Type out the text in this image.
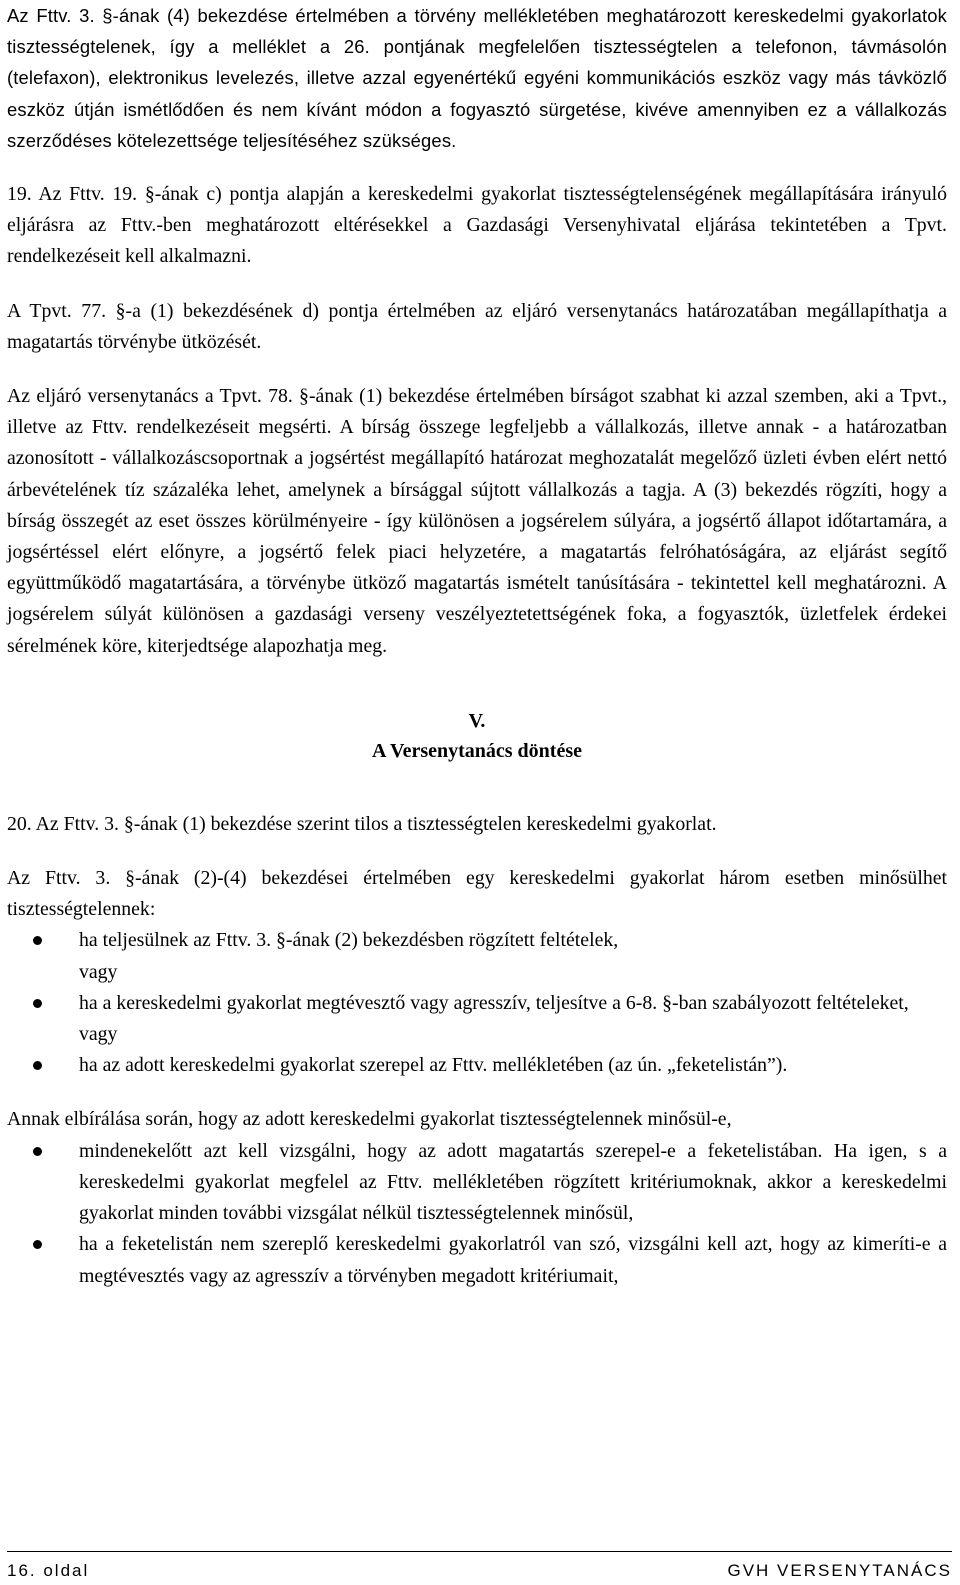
Az Fttv. 3. §-ának (4) bekezdése értelmében a törvény mellékletében meghatározott kereskedelmi gyakorlatok tisztességtelenek, így a melléklet a 26. pontjának megfelelően tisztességtelen a telefonon, távmásolón (telefaxon), elektronikus levelezés, illetve azzal egyenértékű egyéni kommunikációs eszköz vagy más távközlő eszköz útján ismétlődően és nem kívánt módon a fogyasztó sürgetése, kivéve amennyiben ez a vállalkozás szerződéses kötelezettsége teljesítéséhez szükséges.

19. Az Fttv. 19. §-ának c) pontja alapján a kereskedelmi gyakorlat tisztességtelenségének megállapítására irányuló eljárásra az Fttv.-ben meghatározott eltérésekkel a Gazdasági Versenyhivatal eljárása tekintetében a Tpvt. rendelkezéseit kell alkalmazni.

A Tpvt. 77. §-a (1) bekezdésének d) pontja értelmében az eljáró versenytanács határozatában megállapíthatja a magatartás törvénybe ütközését.

Az eljáró versenytanács a Tpvt. 78. §-ának (1) bekezdése értelmében bírságot szabhat ki azzal szemben, aki a Tpvt., illetve az Fttv. rendelkezéseit megsérti. A bírság összege legfeljebb a vállalkozás, illetve annak - a határozatban azonosított - vállalkozáscsoportnak a jogsértést megállapító határozat meghozatalát megelőző üzleti évben elért nettó árbevételének tíz százaléka lehet, amelynek a bírsággal sújtott vállalkozás a tagja. A (3) bekezdés rögzíti, hogy a bírság összegét az eset összes körülményeire - így különösen a jogsérelem súlyára, a jogsértő állapot időtartamára, a jogsértéssel elért előnyre, a jogsértő felek piaci helyzetére, a magatartás felróhatóságára, az eljárást segítő együttműködő magatartására, a törvénybe ütköző magatartás ismételt tanúsítására - tekintettel kell meghatározni. A jogsérelem súlyát különösen a gazdasági verseny veszélyeztetettségének foka, a fogyasztók, üzletfelek érdekei sérelmének köre, kiterjedtsége alapozhatja meg.

V.
A Versenytanács döntése

20. Az Fttv. 3. §-ának (1) bekezdése szerint tilos a tisztességtelen kereskedelmi gyakorlat.

Az Fttv. 3. §-ának (2)-(4) bekezdései értelmében egy kereskedelmi gyakorlat három esetben minősülhet tisztességtelennek:

ha teljesülnek az Fttv. 3. §-ának (2) bekezdésben rögzített feltételek,
vagy
ha a kereskedelmi gyakorlat megtévesztő vagy agresszív, teljesítve a 6-8. §-ban szabályozott feltételeket,
vagy
ha az adott kereskedelmi gyakorlat szerepel az Fttv. mellékletében (az ún. „feketelistán”).

Annak elbírálása során, hogy az adott kereskedelmi gyakorlat tisztességtelennek minősül-e,

mindenekelőtt azt kell vizsgálni, hogy az adott magatartás szerepel-e a feketelistában. Ha igen, s a kereskedelmi gyakorlat megfelel az Fttv. mellékletében rögzített kritériumoknak, akkor a kereskedelmi gyakorlat minden további vizsgálat nélkül tisztességtelennek minősül,
ha a feketelistán nem szereplő kereskedelmi gyakorlatról van szó, vizsgálni kell azt, hogy az kimeríti-e a megtévesztés vagy az agresszív a törvényben megadott kritériumait,
16. oldal	GVH VERSENYTANÁCS
